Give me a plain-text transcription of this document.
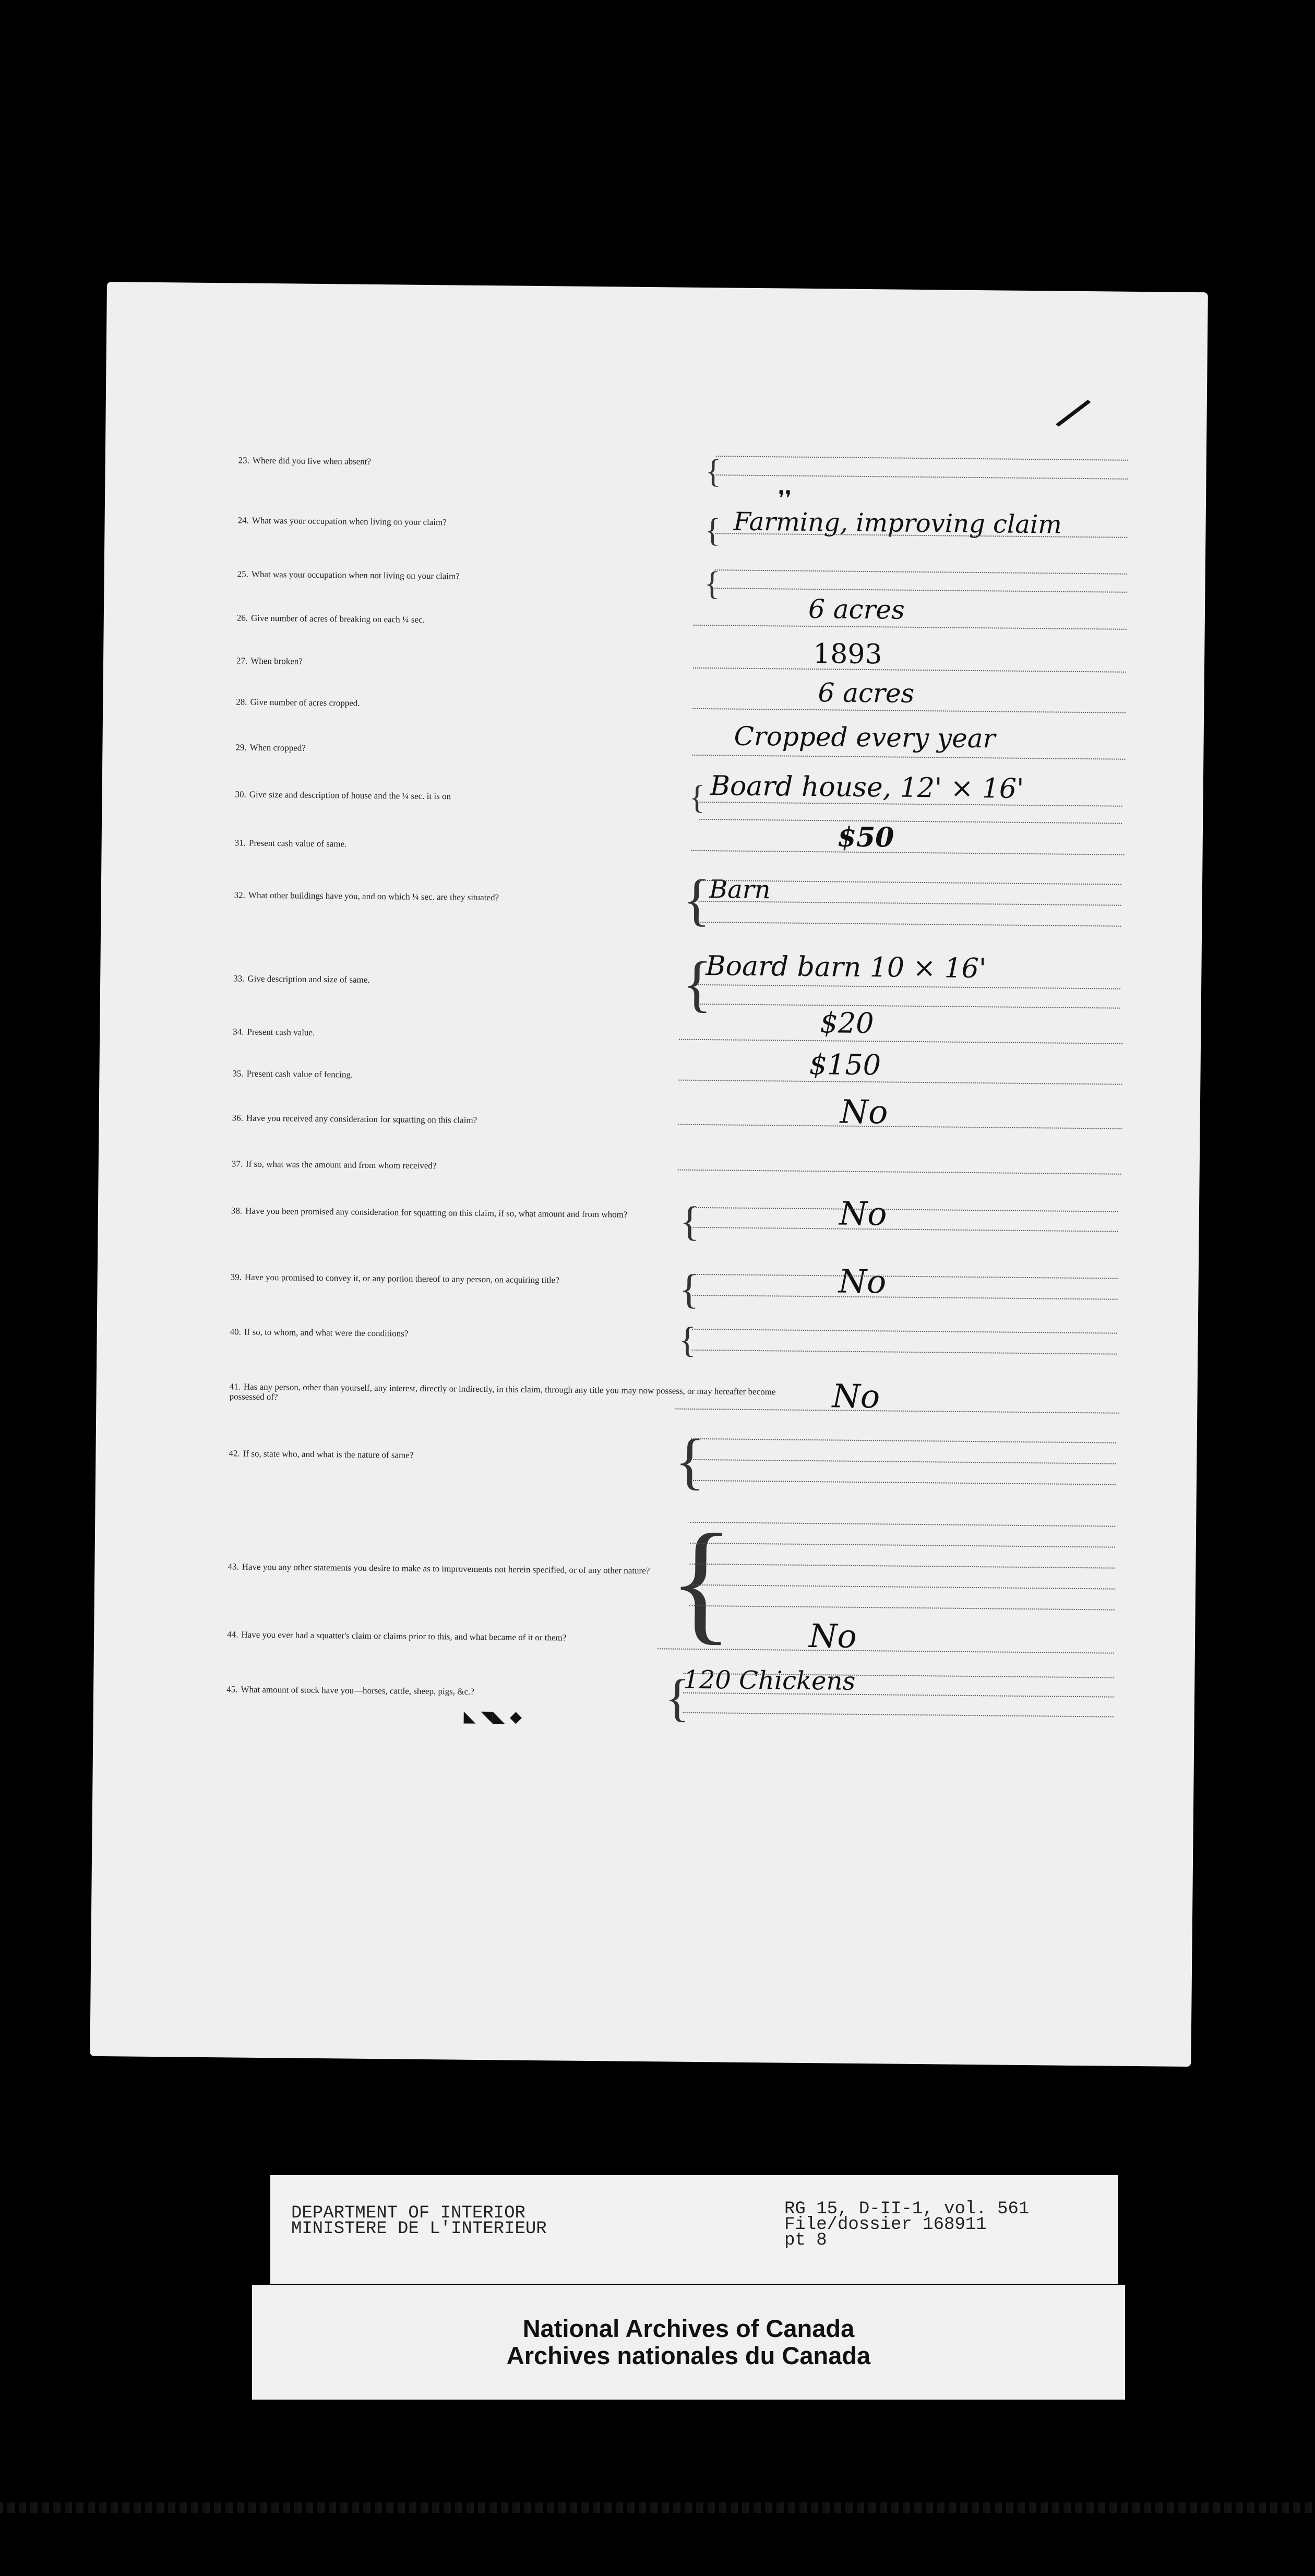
/
23. Where did you live when absent?	{
24. What was your occupation when living on your claim?	{ Farming, improving claim
❜❜
25. What was your occupation when not living on your claim?	{
26. Give number of acres of breaking on each ¼ sec.	6 acres
27. When broken?	1893
28. Give number of acres cropped.	6 acres
29. When cropped?	Cropped every year
30. Give size and description of house and the ¼ sec. it is on	{ Board house, 12' × 16'
31. Present cash value of same.	$50
32. What other buildings have you, and on which ¼ sec. are they situated?	{
Barn
33. Give description and size of same.	{
Board barn 10 × 16'
34. Present cash value.	$20
35. Present cash value of fencing.	$150
36. Have you received any consideration for squatting on this claim?	No
37. If so, what was the amount and from whom received?
38. Have you been promised any consideration for squatting on this claim, if so, what amount and from whom?	{	No
39. Have you promised to convey it, or any portion thereof to any person, on acquiring title?	{	No
40. If so, to whom, and what were the conditions?	{
41. Has any person, other than yourself, any interest, directly or indirectly, in this claim, through any title you may now possess, or may hereafter become possessed of?	No
42. If so, state who, and what is the nature of same?	{
43. Have you any other statements you desire to make as to improvements not herein specified, or of any other nature? {
44. Have you ever had a squatter's claim or claims prior to this, and what became of it or them?	No
45. What amount of stock have you—horses, cattle, sheep, pigs, &c.?	{
120 Chickens
◣ ◥◣ ◆
DEPARTMENT OF INTERIOR
MINISTERE DE L'INTERIEUR
RG 15, D-II-1, vol. 561
File/dossier 168911
pt 8
National Archives of Canada
Archives nationales du Canada
